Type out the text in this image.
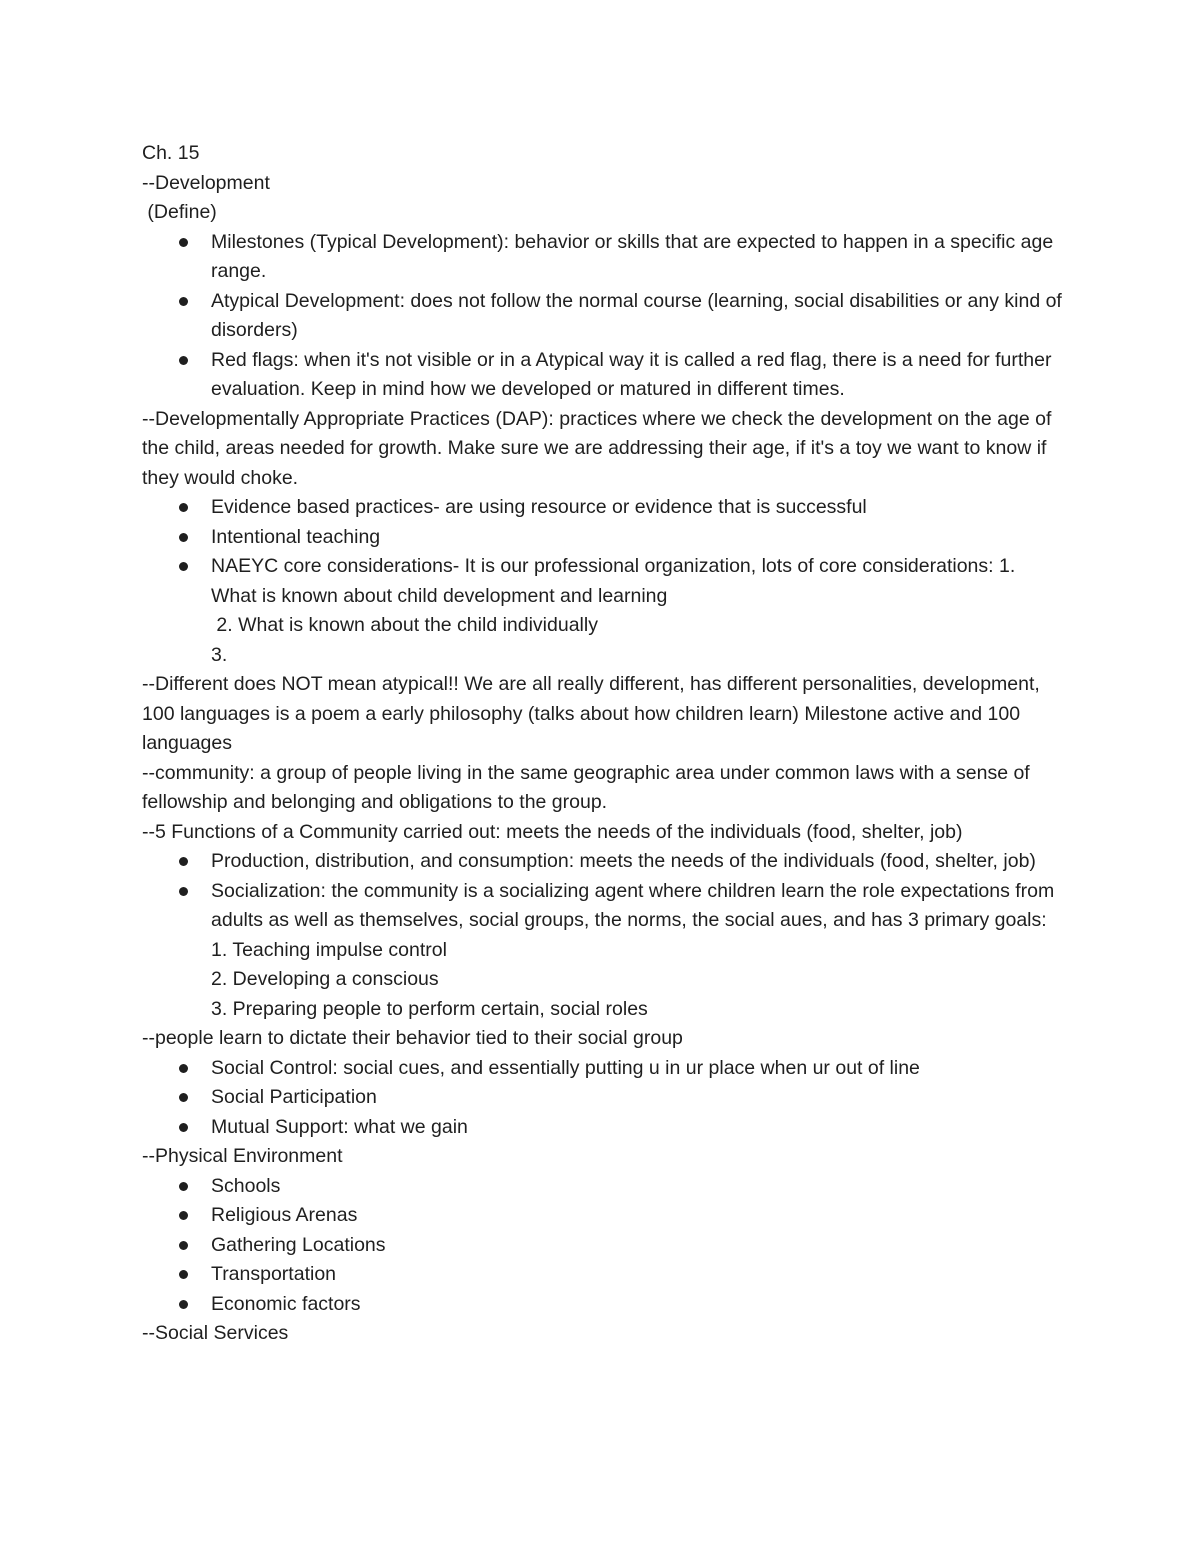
Ch. 15
--Development
(Define)
Milestones (Typical Development): behavior or skills that are expected to happen in a specific age range.
Atypical Development: does not follow the normal course (learning, social disabilities or any kind of disorders)
Red flags: when it's not visible or in a Atypical way it is called a red flag, there is a need for further evaluation. Keep in mind how we developed or matured in different times.
--Developmentally Appropriate Practices (DAP): practices where we check the development on the age of the child, areas needed for growth. Make sure we are addressing their age, if it's a toy we want to know if they would choke.
Evidence based practices- are using resource or evidence that is successful
Intentional teaching
NAEYC core considerations- It is our professional organization, lots of core considerations: 1. What is known about child development and learning
2. What is known about the child individually
3.
--Different does NOT mean atypical!! We are all really different, has different personalities, development, 100 languages is a poem a early philosophy (talks about how children learn) Milestone active and 100 languages
--community: a group of people living in the same geographic area under common laws with a sense of fellowship and belonging and obligations to the group.
--5 Functions of a Community carried out: meets the needs of the individuals (food, shelter, job)
Production, distribution, and consumption: meets the needs of the individuals (food, shelter, job)
Socialization: the community is a socializing agent where children learn the role expectations from adults as well as themselves, social groups, the norms, the social aues, and has 3 primary goals: 1. Teaching impulse control
2. Developing a conscious
3. Preparing people to perform certain, social roles
--people learn to dictate their behavior tied to their social group
Social Control: social cues, and essentially putting u in ur place when ur out of line
Social Participation
Mutual Support: what we gain
--Physical Environment
Schools
Religious Arenas
Gathering Locations
Transportation
Economic factors
--Social Services
